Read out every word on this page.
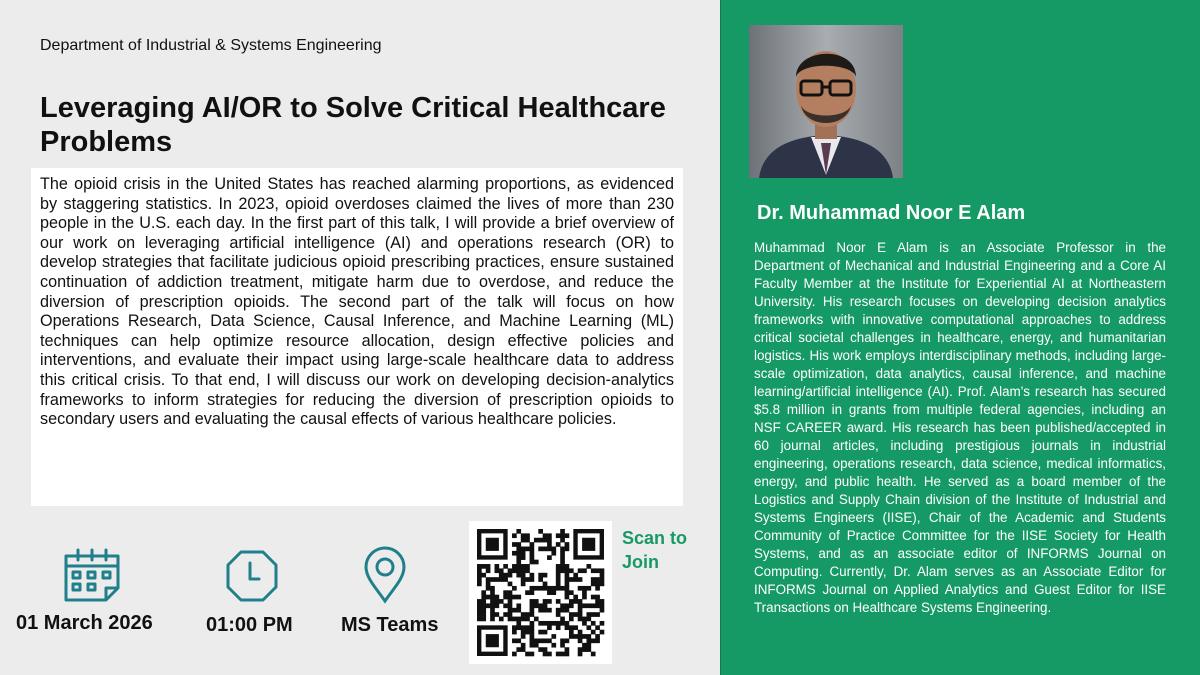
Department of Industrial & Systems Engineering
Leveraging AI/OR to Solve Critical Healthcare Problems

The opioid crisis in the United States has reached alarming proportions, as evidenced by staggering statistics. In 2023, opioid overdoses claimed the lives of more than 230 people in the U.S. each day. In the first part of this talk, I will provide a brief overview of our work on leveraging artificial intelligence (AI) and operations research (OR) to develop strategies that facilitate judicious opioid prescribing practices, ensure sustained continuation of addiction treatment, mitigate harm due to overdose, and reduce the diversion of prescription opioids. The second part of the talk will focus on how Operations Research, Data Science, Causal Inference, and Machine Learning (ML) techniques can help optimize resource allocation, design effective policies and interventions, and evaluate their impact using large-scale healthcare data to address this critical crisis. To that end, I will discuss our work on developing decision-analytics frameworks to inform strategies for reducing the diversion of prescription opioids to secondary users and evaluating the causal effects of various healthcare policies.

01 March 2026	01:00 PM MS Teams
Scan to Join
Dr. Muhammad Noor E Alam

Muhammad Noor E Alam is an Associate Professor in the Department of Mechanical and Industrial Engineering and a Core AI Faculty Member at the Institute for Experiential AI at Northeastern University. His research focuses on developing decision analytics frameworks with innovative computational approaches to address critical societal challenges in healthcare, energy, and humanitarian logistics. His work employs interdisciplinary methods, including large-scale optimization, data analytics, causal inference, and machine learning/artificial intelligence (AI). Prof. Alam's research has secured $5.8 million in grants from multiple federal agencies, including an NSF CAREER award. His research has been published/accepted in 60 journal articles, including prestigious journals in industrial engineering, operations research, data science, medical informatics, energy, and public health. He served as a board member of the Logistics and Supply Chain division of the Institute of Industrial and Systems Engineers (IISE), Chair of the Academic and Students Community of Practice Committee for the IISE Society for Health Systems, and as an associate editor of INFORMS Journal on Computing. Currently, Dr. Alam serves as an Associate Editor for INFORMS Journal on Applied Analytics and Guest Editor for IISE Transactions on Healthcare Systems Engineering.
